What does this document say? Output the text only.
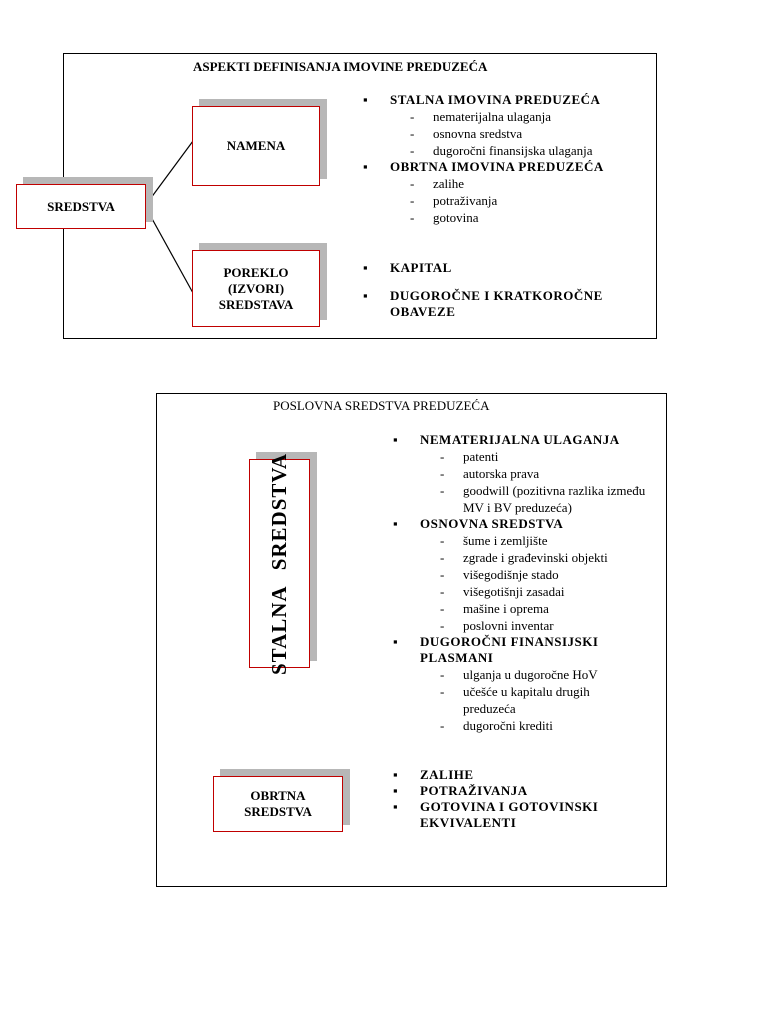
ASPEKTI DEFINISANJA IMOVINE PREDUZEĆA
SREDSTVA
NAMENA
POREKLO
(IZVORI)
SREDSTAVA
▪ STALNA IMOVINA PREDUZEĆA
- nematerijalna ulaganja
- osnovna sredstva
- dugoročni finansijska ulaganja
▪ OBRTNA IMOVINA PREDUZEĆA
- zalihe
- potraživanja
- gotovina
▪ KAPITAL
▪ DUGOROČNE I KRATKOROČNE OBAVEZE
POSLOVNA SREDSTVA PREDUZEĆA
STALNA SREDSTVA
OBRTNA
SREDSTVA
▪ NEMATERIJALNA ULAGANJA
- patenti
- autorska prava
- goodwill (pozitivna razlika između MV i BV preduzeća)
▪ OSNOVNA SREDSTVA
- šume i zemljište
- zgrade i građevinski objekti
- višegodišnje stado
- višegotišnji zasadai
- mašine i oprema
- poslovni inventar
▪ DUGOROČNI FINANSIJSKI PLASMANI
- ulganja u dugoročne HoV
- učešće u kapitalu drugih preduzeća
- dugoročni krediti
▪ ZALIHE
▪ POTRAŽIVANJA
▪ GOTOVINA I GOTOVINSKI EKVIVALENTI
